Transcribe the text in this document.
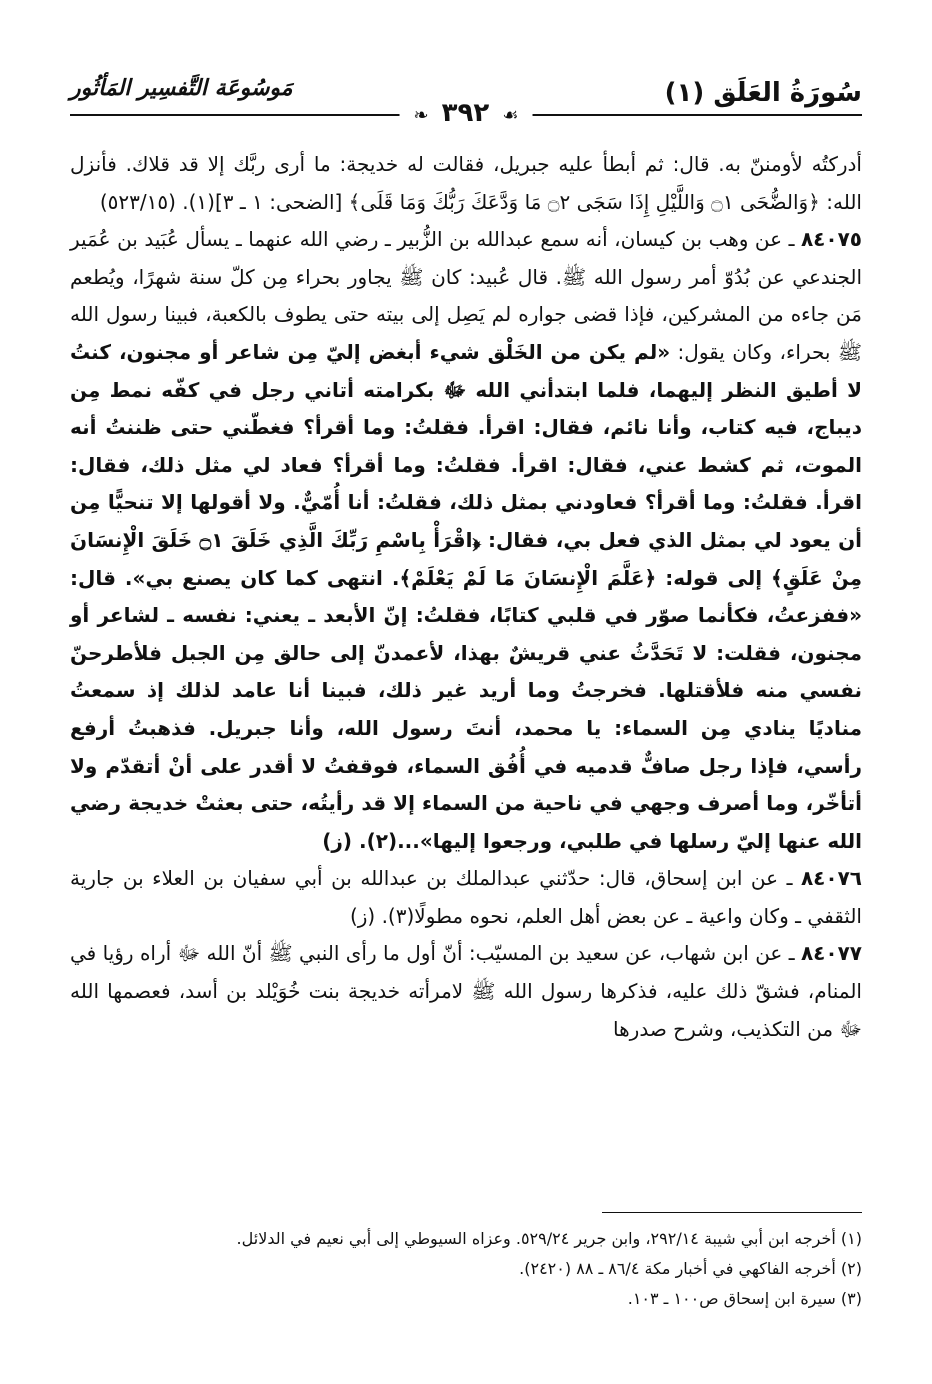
سُورَةُ العَلَق (١)
مَوسُوعَة التَّفسِير المَأثُور
☙ ٣٩٢ ❧

أدركتُه لأومننّ به. قال: ثم أبطأ عليه جبريل، فقالت له خديجة: ما أرى ربَّك إلا قد قلاك. فأنزل الله: ﴿وَالضُّحَى ۝١ وَاللَّيْلِ إِذَا سَجَى ۝٢ مَا وَدَّعَكَ رَبُّكَ وَمَا قَلَى﴾ [الضحى: ١ ـ ٣](١). (٥٢٣/١٥)

٨٤٠٧٥ ـ عن وهب بن كيسان، أنه سمع عبدالله بن الزُّبير ـ رضي الله عنهما ـ يسأل عُبَيد بن عُمَير الجندعي عن بُدُوّ أمر رسول الله ﷺ. قال عُبيد: كان ﷺ يجاور بحراء مِن كلّ سنة شهرًا، ويُطعم مَن جاءه من المشركين، فإذا قضى جواره لم يَصِل إلى بيته حتى يطوف بالكعبة، فبينا رسول الله ﷺ بحراء، وكان يقول: «لم يكن من الخَلْق شيء أبغض إليّ مِن شاعر أو مجنون، كنتُ لا أطيق النظر إليهما، فلما ابتدأني الله ﷻ بكرامته أتاني رجل في كفّه نمط مِن ديباج، فيه كتاب، وأنا نائم، فقال: اقرأ. فقلتُ: وما أقرأ؟ فغطّني حتى ظننتُ أنه الموت، ثم كشط عني، فقال: اقرأ. فقلتُ: وما أقرأ؟ فعاد لي مثل ذلك، فقال: اقرأ. فقلتُ: وما أقرأ؟ فعاودني بمثل ذلك، فقلتُ: أنا أُمّيٌّ. ولا أقولها إلا تنحيًّا مِن أن يعود لي بمثل الذي فعل بي، فقال: ﴿اقْرَأْ بِاسْمِ رَبِّكَ الَّذِي خَلَقَ ۝١ خَلَقَ الْإِنسَانَ مِنْ عَلَقٍ﴾ إلى قوله: ﴿عَلَّمَ الْإِنسَانَ مَا لَمْ يَعْلَمْ﴾. انتهى كما كان يصنع بي». قال: «ففزعتُ، فكأنما صوّر في قلبي كتابًا، فقلتُ: إنّ الأبعد ـ يعني: نفسه ـ لشاعر أو مجنون، فقلت: لا تَحَدَّثُ عني قريشٌ بهذا، لأعمدنّ إلى حالق مِن الجبل فلأطرحنّ نفسي منه فلأقتلها. فخرجتُ وما أريد غير ذلك، فبينا أنا عامد لذلك إذ سمعتُ مناديًا ينادي مِن السماء: يا محمد، أنتَ رسول الله، وأنا جبريل. فذهبتُ أرفع رأسي، فإذا رجل صافٌّ قدميه في أُفُق السماء، فوقفتُ لا أقدر على أنْ أتقدّم ولا أتأخّر، وما أصرف وجهي في ناحية من السماء إلا قد رأيتُه، حتى بعثتْ خديجة رضي الله عنها إليّ رسلها في طلبي، ورجعوا إليها»...(٢). (ز)

٨٤٠٧٦ ـ عن ابن إسحاق، قال: حدّثني عبدالملك بن عبدالله بن أبي سفيان بن العلاء بن جارية الثقفي ـ وكان واعية ـ عن بعض أهل العلم، نحوه مطولًا(٣). (ز)

٨٤٠٧٧ ـ عن ابن شهاب، عن سعيد بن المسيّب: أنّ أول ما رأى النبي ﷺ أنّ الله ﷻ أراه رؤيا في المنام، فشقّ ذلك عليه، فذكرها رسول الله ﷺ لامرأته خديجة بنت خُوَيْلد بن أسد، فعصمها الله ﷻ من التكذيب، وشرح صدرها

(١) أخرجه ابن أبي شيبة ٢٩٢/١٤، وابن جرير ٥٢٩/٢٤. وعزاه السيوطي إلى أبي نعيم في الدلائل.
(٢) أخرجه الفاكهي في أخبار مكة ٨٦/٤ ـ ٨٨ (٢٤٢٠).
(٣) سيرة ابن إسحاق ص١٠٠ ـ ١٠٣.
